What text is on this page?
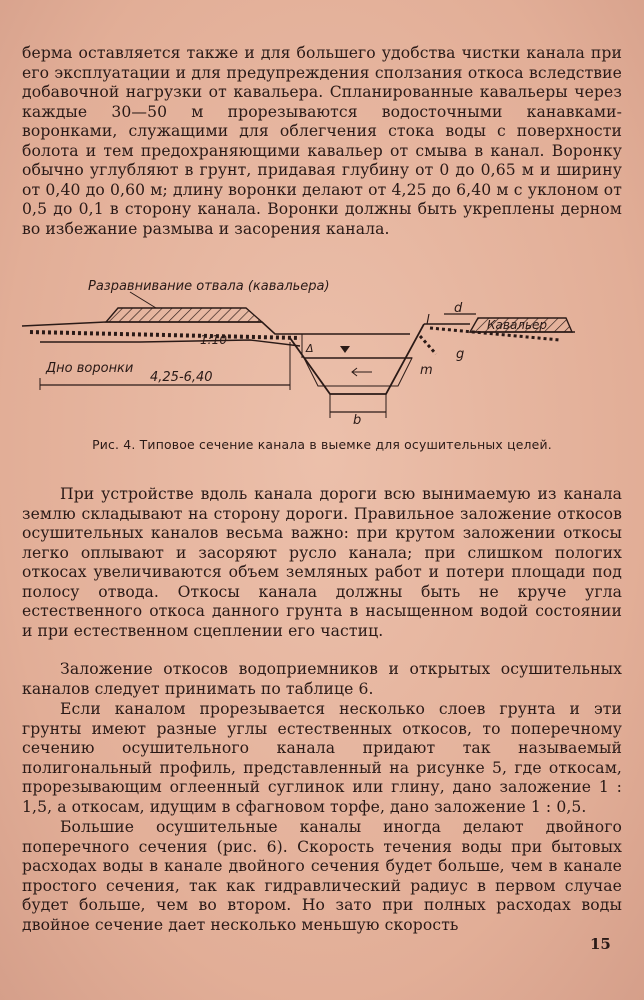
берма оставляется также и для большего удобства чистки канала при его эксплуатации и для предупреждения сползания откоса вследствие добавочной нагрузки от кавальера. Спланированные кавальеры через каждые 30—50 м прорезываются водосточными канавками-воронками, служащими для облегчения стока воды с поверхности болота и тем предохраняющими кавальер от смыва в канал. Воронку обычно углубляют в грунт, придавая глубину от 0 до 0,65 м и ширину от 0,40 до 0,60 м; длину воронки делают от 4,25 до 6,40 м с уклоном от 0,5 до 0,1 в сторону канала. Воронки должны быть укреплены дерном во избежание размыва и засорения канала.
Разравнивание отвала (кавальера)
Дно воронки
1:10
4,25-6,40
Кавальер
Δ
b
l
d
g
m
Рис. 4. Типовое сечение канала в выемке для осушительных целей.
При устройстве вдоль канала дороги всю вынимаемую из канала землю складывают на сторону дороги. Правильное заложение откосов осушительных каналов весьма важно: при крутом заложении откосы легко оплывают и засоряют русло канала; при слишком пологих откосах увеличиваются объем земляных работ и потери площади под полосу отвода. Откосы канала должны быть не круче угла естественного откоса данного грунта в насыщенном водой состоянии и при естественном сцеплении его частиц.
Заложение откосов водоприемников и открытых осушительных каналов следует принимать по таблице 6.
Если каналом прорезывается несколько слоев грунта и эти грунты имеют разные углы естественных откосов, то поперечному сечению осушительного канала придают так называемый полигональный профиль, представленный на рисунке 5, где откосам, прорезывающим оглеенный суглинок или глину, дано заложение 1 : 1,5, а откосам, идущим в сфагновом торфе, дано заложение 1 : 0,5.
Большие осушительные каналы иногда делают двойного поперечного сечения (рис. 6). Скорость течения воды при бытовых расходах воды в канале двойного сечения будет больше, чем в канале простого сечения, так как гидравлический радиус в первом случае будет больше, чем во втором. Но зато при полных расходах воды двойное сечение дает несколько меньшую скорость
15
